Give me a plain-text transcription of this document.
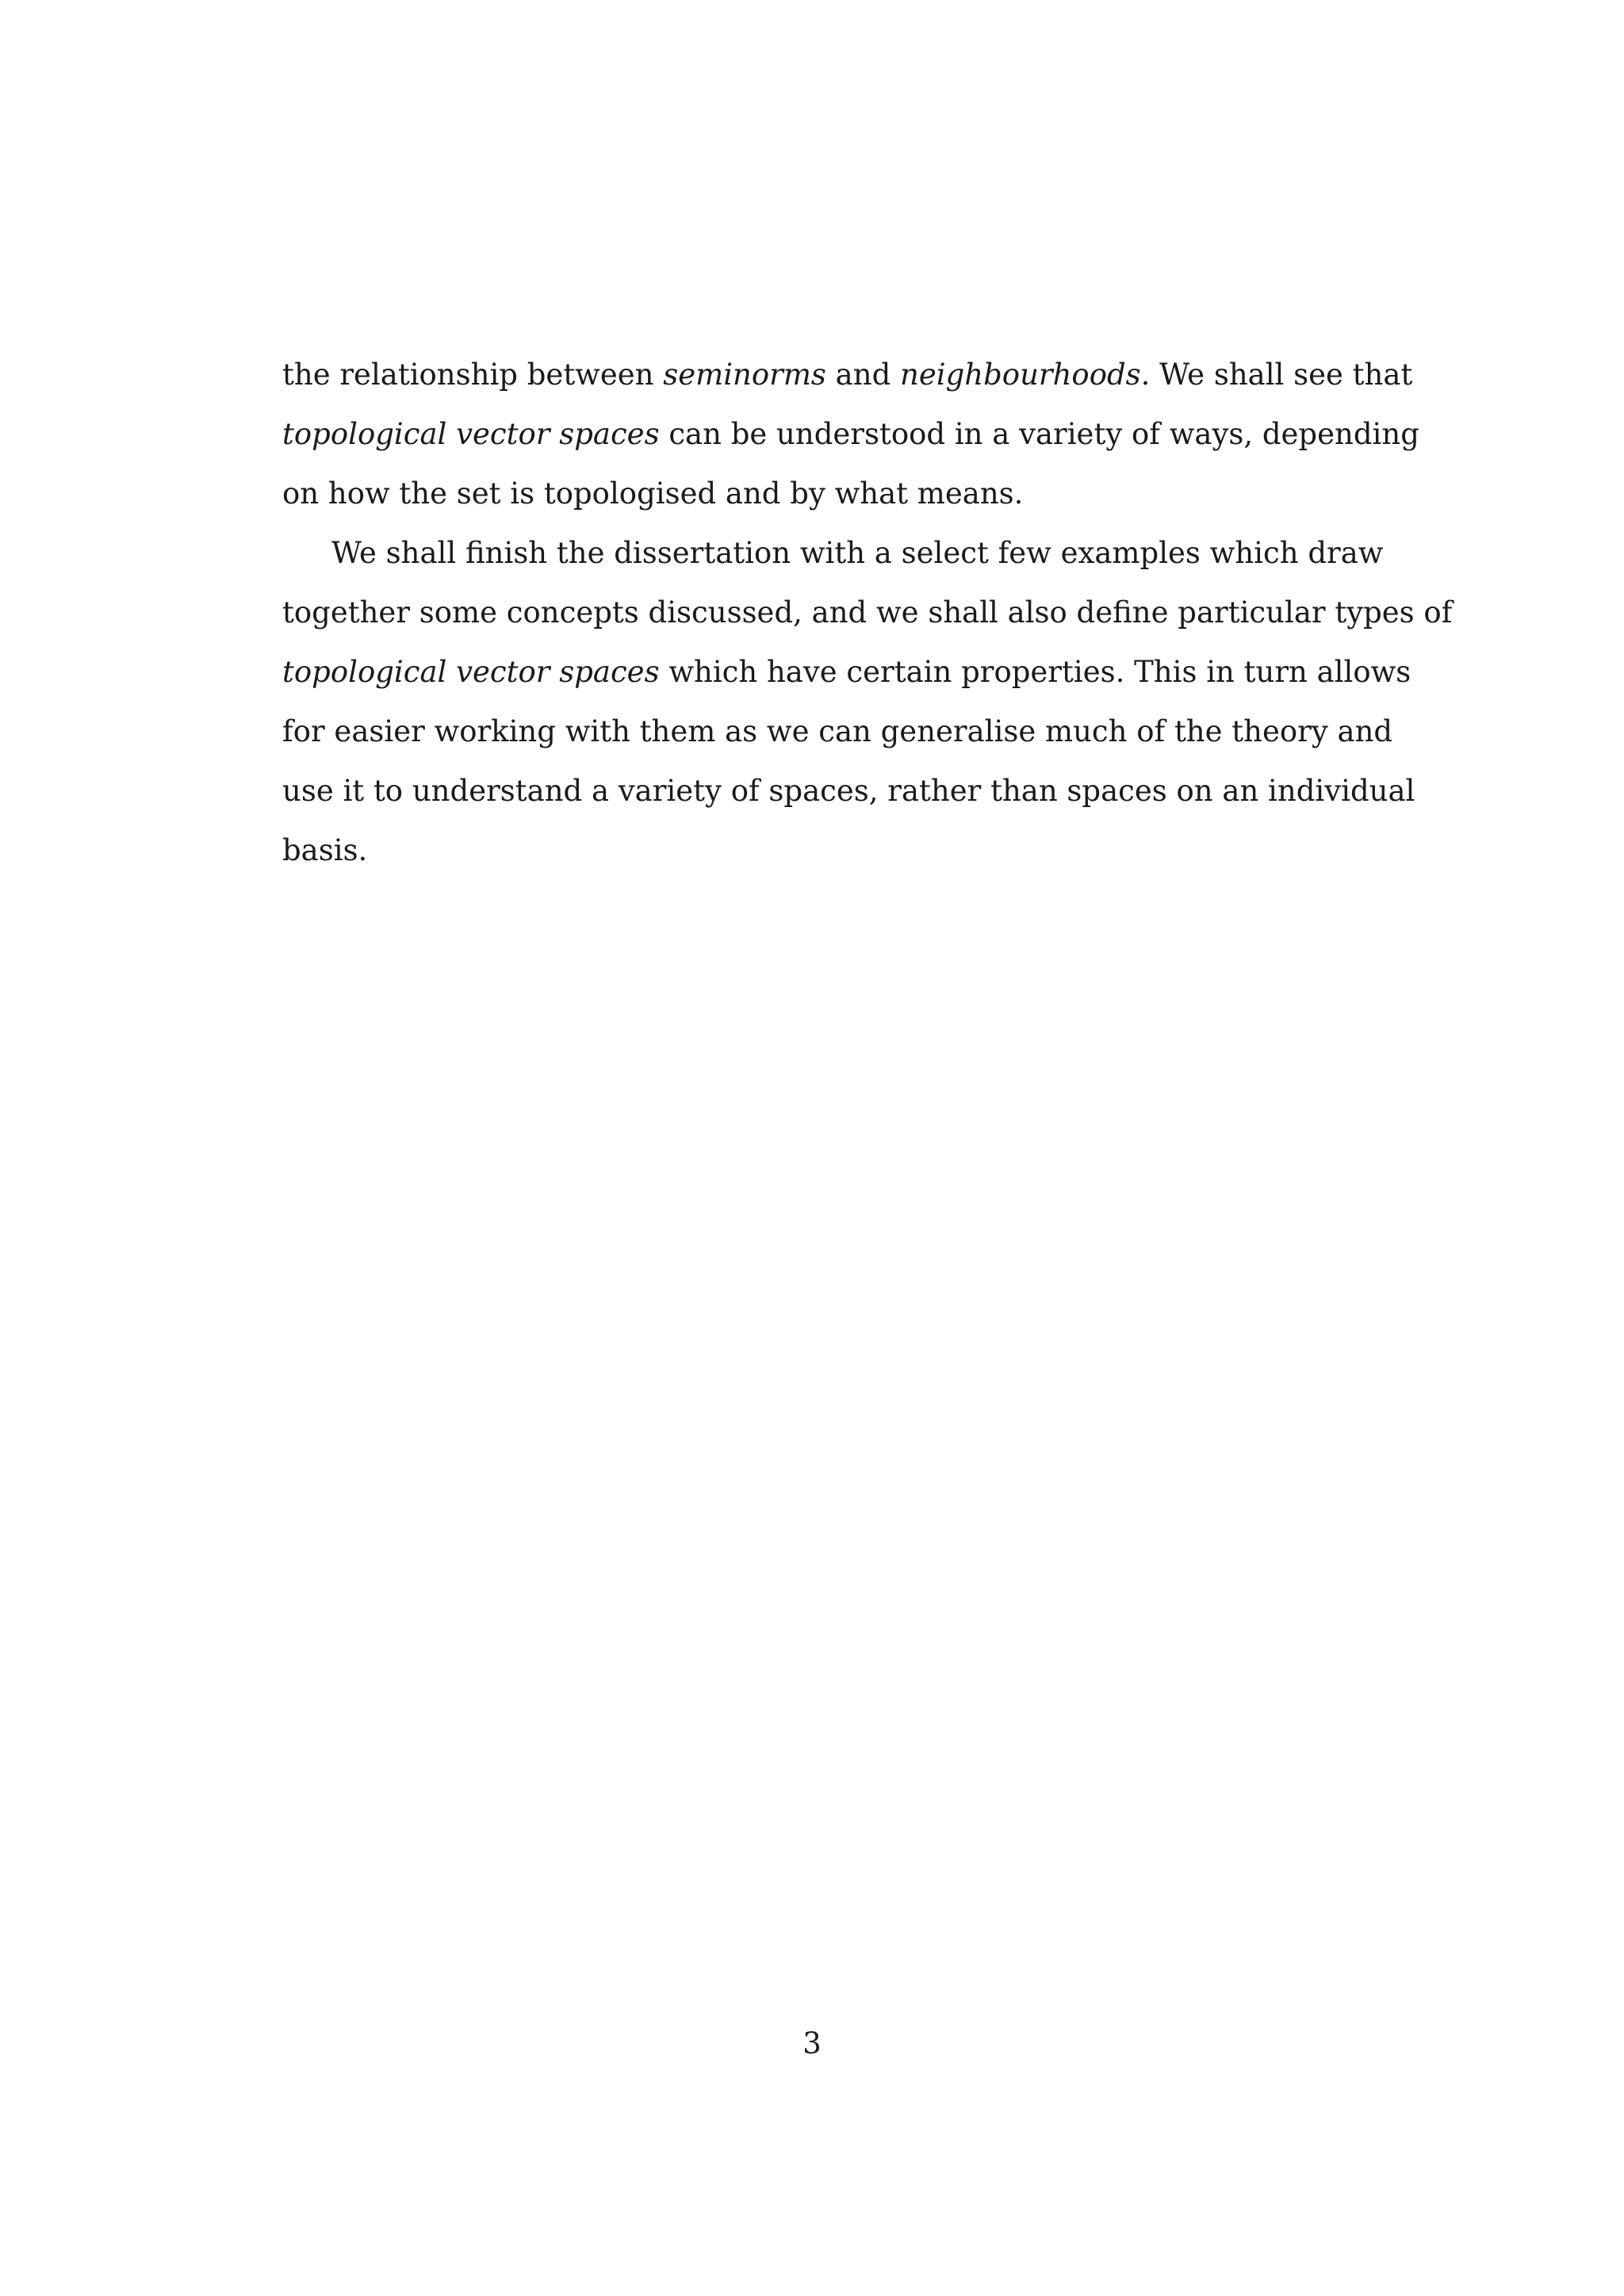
the relationship between seminorms and neighbourhoods. We shall see that
topological vector spaces can be understood in a variety of ways, depending
on how the set is topologised and by what means.
We shall finish the dissertation with a select few examples which draw
together some concepts discussed, and we shall also define particular types of
topological vector spaces which have certain properties. This in turn allows
for easier working with them as we can generalise much of the theory and
use it to understand a variety of spaces, rather than spaces on an individual
basis.
3
